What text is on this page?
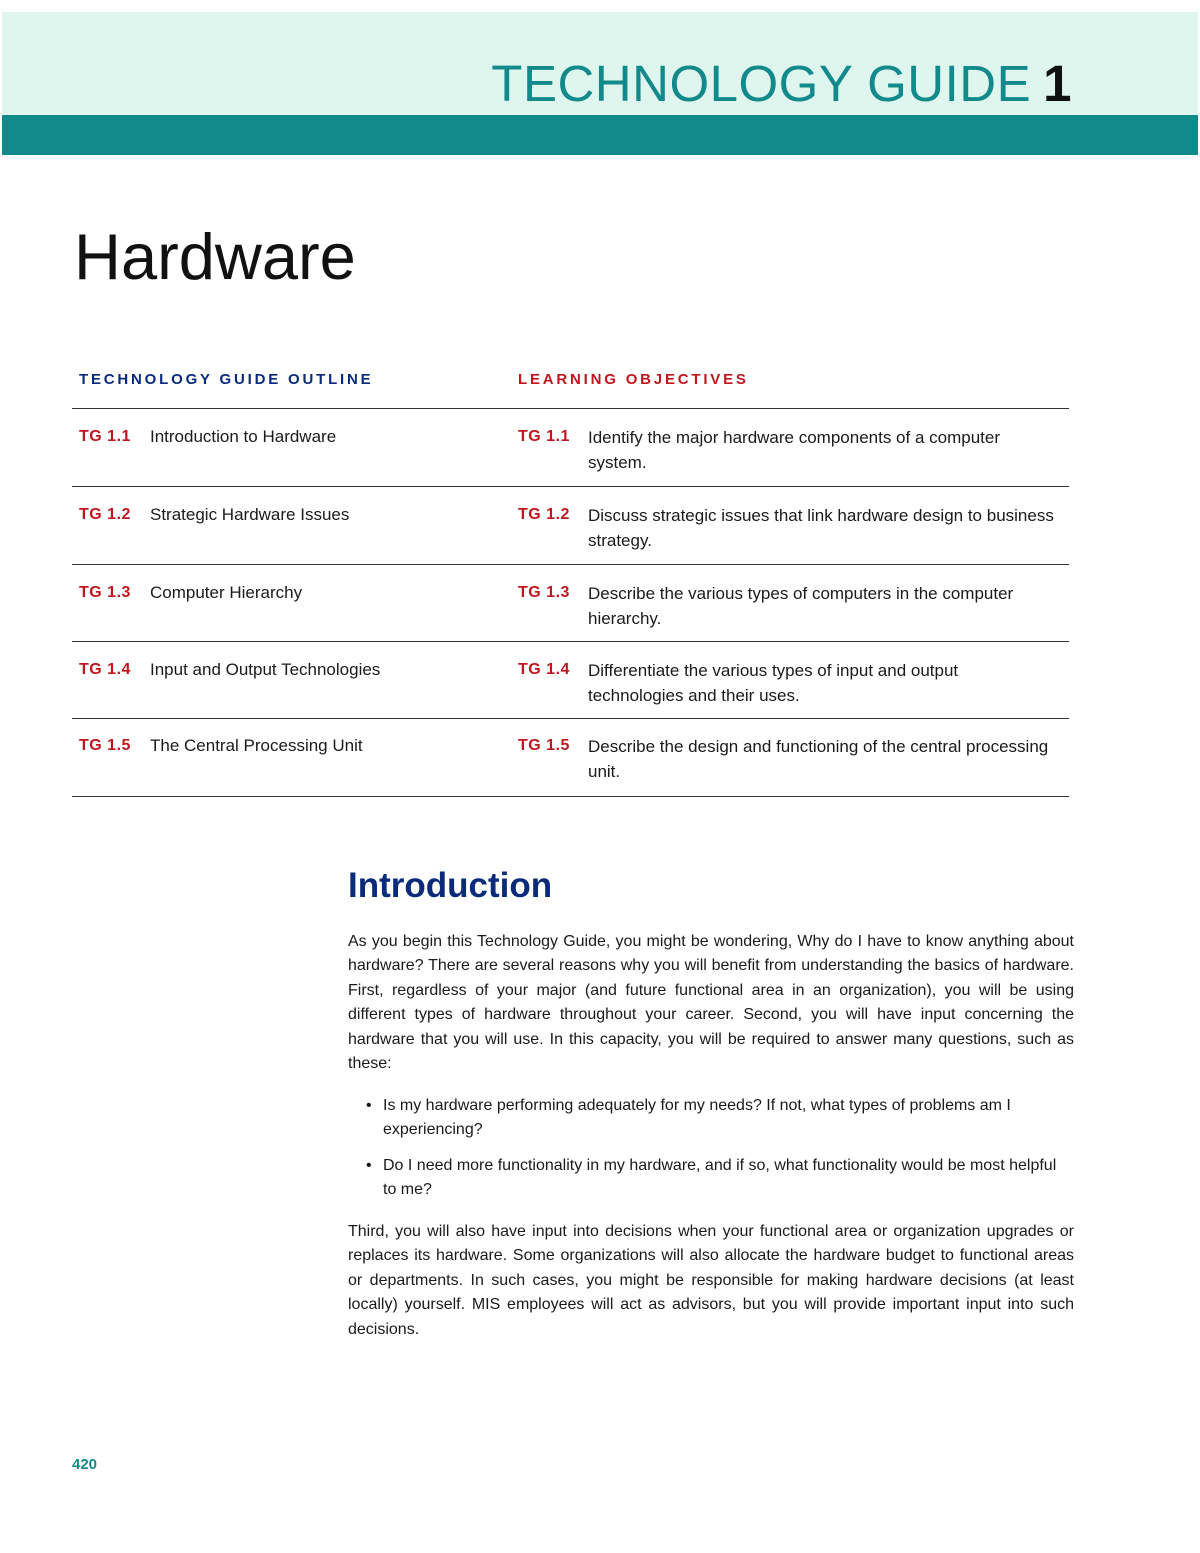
TECHNOLOGY GUIDE 1
Hardware
TECHNOLOGY GUIDE OUTLINE	LEARNING OBJECTIVES
TG 1.1 Introduction to Hardware	TG 1.1 Identify the major hardware components of a computer system.
TG 1.2 Strategic Hardware Issues	TG 1.2 Discuss strategic issues that link hardware design to business strategy.
TG 1.3 Computer Hierarchy	TG 1.3 Describe the various types of computers in the computer hierarchy.
TG 1.4 Input and Output Technologies	TG 1.4 Differentiate the various types of input and output technologies and their uses.
TG 1.5 The Central Processing Unit	TG 1.5 Describe the design and functioning of the central processing unit.
Introduction

As you begin this Technology Guide, you might be wondering, Why do I have to know anything about hardware? There are several reasons why you will benefit from understanding the basics of hardware. First, regardless of your major (and future functional area in an organization), you will be using different types of hardware throughout your career. Second, you will have input concerning the hardware that you will use. In this capacity, you will be required to answer many questions, such as these:

• Is my hardware performing adequately for my needs? If not, what types of problems am I experiencing?
• Do I need more functionality in my hardware, and if so, what functionality would be most helpful to me?

Third, you will also have input into decisions when your functional area or organization upgrades or replaces its hardware. Some organizations will also allocate the hardware budget to functional areas or departments. In such cases, you might be responsible for making hardware decisions (at least locally) yourself. MIS employees will act as advisors, but you will provide important input into such decisions.

420
